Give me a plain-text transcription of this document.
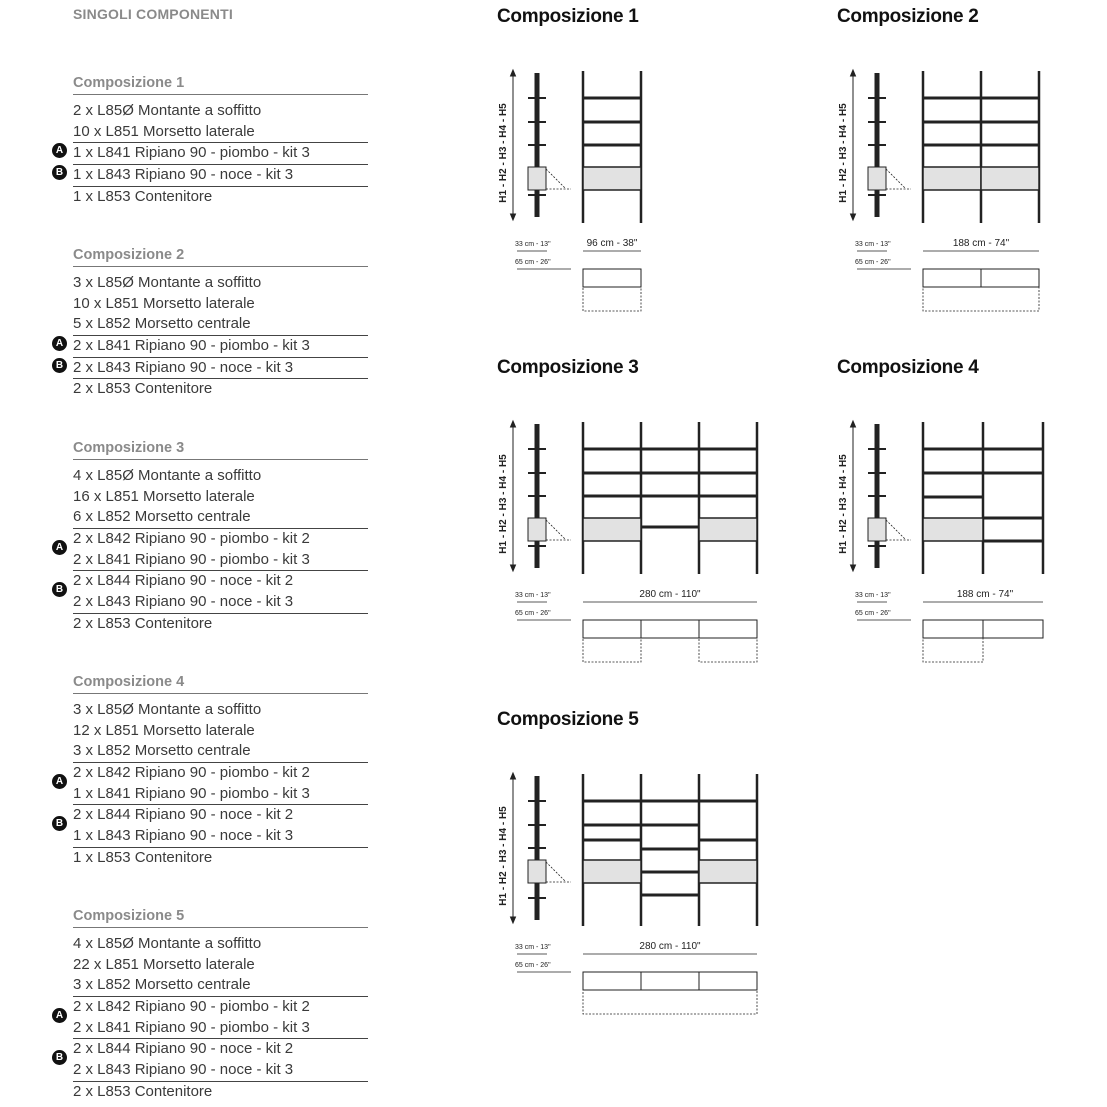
SINGOLI COMPONENTI
Composizione 1
2 x L85Ø Montante a soffitto
10 x L851 Morsetto laterale
A 1 x L841 Ripiano 90 - piombo - kit 3
B 1 x L843 Ripiano 90 - noce - kit 3
1 x L853 Contenitore
Composizione 2
3 x L85Ø Montante a soffitto
10 x L851 Morsetto laterale
5 x L852 Morsetto centrale
A 2 x L841 Ripiano 90 - piombo - kit 3
B 2 x L843 Ripiano 90 - noce - kit 3
2 x L853 Contenitore
Composizione 3
4 x L85Ø Montante a soffitto
16 x L851 Morsetto laterale
6 x L852 Morsetto centrale
2 x L842 Ripiano 90 - piombo - kit 2
A
2 x L841 Ripiano 90 - piombo - kit 3
2 x L844 Ripiano 90 - noce - kit 2
B
2 x L843 Ripiano 90 - noce - kit 3
2 x L853 Contenitore
Composizione 4
3 x L85Ø Montante a soffitto
12 x L851 Morsetto laterale
3 x L852 Morsetto centrale
2 x L842 Ripiano 90 - piombo - kit 2
A
1 x L841 Ripiano 90 - piombo - kit 3
2 x L844 Ripiano 90 - noce - kit 2
B
1 x L843 Ripiano 90 - noce - kit 3
1 x L853 Contenitore
Composizione 5
4 x L85Ø Montante a soffitto
22 x L851 Morsetto laterale
3 x L852 Morsetto centrale
2 x L842 Ripiano 90 - piombo - kit 2
A
2 x L841 Ripiano 90 - piombo - kit 3
2 x L844 Ripiano 90 - noce - kit 2
B
2 x L843 Ripiano 90 - noce - kit 3
2 x L853 Contenitore
Composizione 1	Composizione 2
Composizione 3	Composizione 4
Composizione 5
H1 - H2 - H3 - H4 - H5
33 cm - 13"
65 cm - 26"
96 cm - 38"
H1 - H2 - H3 - H4 - H5
33 cm - 13"
65 cm - 26"
188 cm - 74"
H1 - H2 - H3 - H4 - H5
33 cm - 13"
65 cm - 26"
280 cm - 110"
H1 - H2 - H3 - H4 - H5
33 cm - 13"
65 cm - 26"
188 cm - 74"
H1 - H2 - H3 - H4 - H5
33 cm - 13"
65 cm - 26"
280 cm - 110"
